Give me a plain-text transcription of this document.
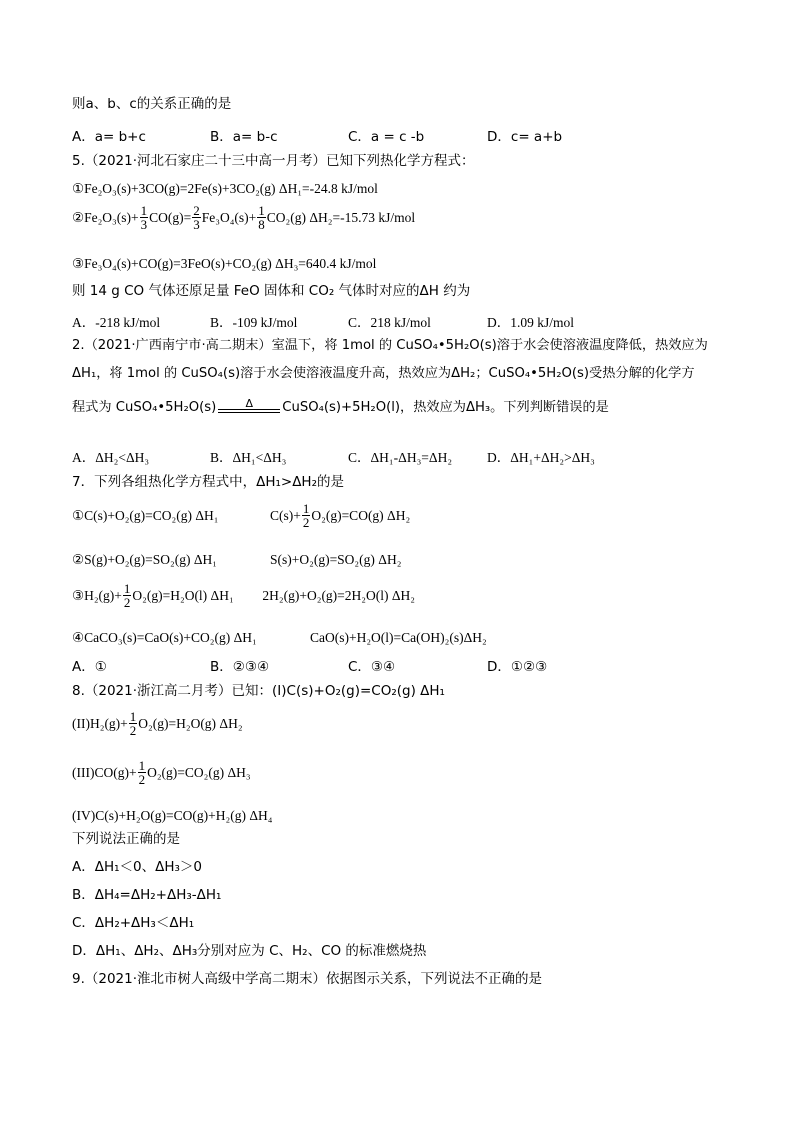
则a、b、c的关系正确的是
A．a= b+c	B．a= b-c	C．a = c -b	D．c= a+b
5.（2021·河北石家庄二十三中高一月考）已知下列热化学方程式：
①Fe₂O₃(s)+3CO(g)=2Fe(s)+3CO₂(g) ΔH₁=-24.8 kJ/mol
②Fe₂O₃(s)+ $\frac{1}{3} CO(g)= \frac{2}{3} Fe_3O_4(s)+ \frac{1}{8} CO_2(g)$ ΔH₂=-15.73 kJ/mol
③Fe₃O₄(s)+CO(g)=3FeO(s)+CO₂(g) ΔH₃=640.4 kJ/mol
则 14 g CO 气体还原足量 FeO 固体和 CO₂ 气体时对应的ΔH 约为
A．-218 kJ/mol	B．-109 kJ/mol	C．218 kJ/mol	D．1.09 kJ/mol
2.（2021·广西南宁市·高二期末）室温下，将 1mol 的 CuSO₄•5H₂O(s)溶于水会使溶液温度降低，热效应为
ΔH₁，将 1mol 的 CuSO₄(s)溶于水会使溶液温度升高，热效应为ΔH₂；CuSO₄•5H₂O(s)受热分解的化学方
程式为 CuSO₄•5H₂O(s)	Δ CuSO₄(s)+5H₂O(l)，热效应为ΔH₃。下列判断错误的是
A．ΔH₂<ΔH₃	B．ΔH₁<ΔH₃	C．ΔH₁-ΔH₃=ΔH₂	D．ΔH₁+ΔH₂>ΔH₃
7．下列各组热化学方程式中，ΔH₁>ΔH₂的是
①C(s)+O₂(g)=CO₂(g) ΔH₁	$C(s)+ \frac{1}{2} O_2(g)=CO(g)$ ΔH₂
②S(g)+O₂(g)=SO₂(g) ΔH₁	S(s)+O₂(g)=SO₂(g) ΔH₂
③H₂(g)+ $\frac{1}{2} O_2(g)=H_2O(l)$ ΔH₁	2H₂(g)+O₂(g)=2H₂O(l) ΔH₂
④CaCO₃(s)=CaO(s)+CO₂(g) ΔH₁	CaO(s)+H₂O(l)=Ca(OH)₂(s)ΔH₂
A．①	B．②③④	C．③④	D．①②③
8.（2021·浙江高二月考）已知：(I)C(s)+O₂(g)=CO₂(g) ΔH₁
$(II)H_2(g)+ \frac{1}{2} O_2(g)=H_2O(g)$ ΔH₂
$(III)CO(g)+ \frac{1}{2} O_2(g)=CO_2(g)$ ΔH₃
(IV)C(s)+H₂O(g)=CO(g)+H₂(g) ΔH₄
下列说法正确的是
A．ΔH₁＜0、ΔH₃＞0
B．ΔH₄=ΔH₂+ΔH₃-ΔH₁
C．ΔH₂+ΔH₃＜ΔH₁
D．ΔH₁、ΔH₂、ΔH₃分别对应为 C、H₂、CO 的标准燃烧热
9.（2021·淮北市树人高级中学高二期末）依据图示关系，下列说法不正确的是
